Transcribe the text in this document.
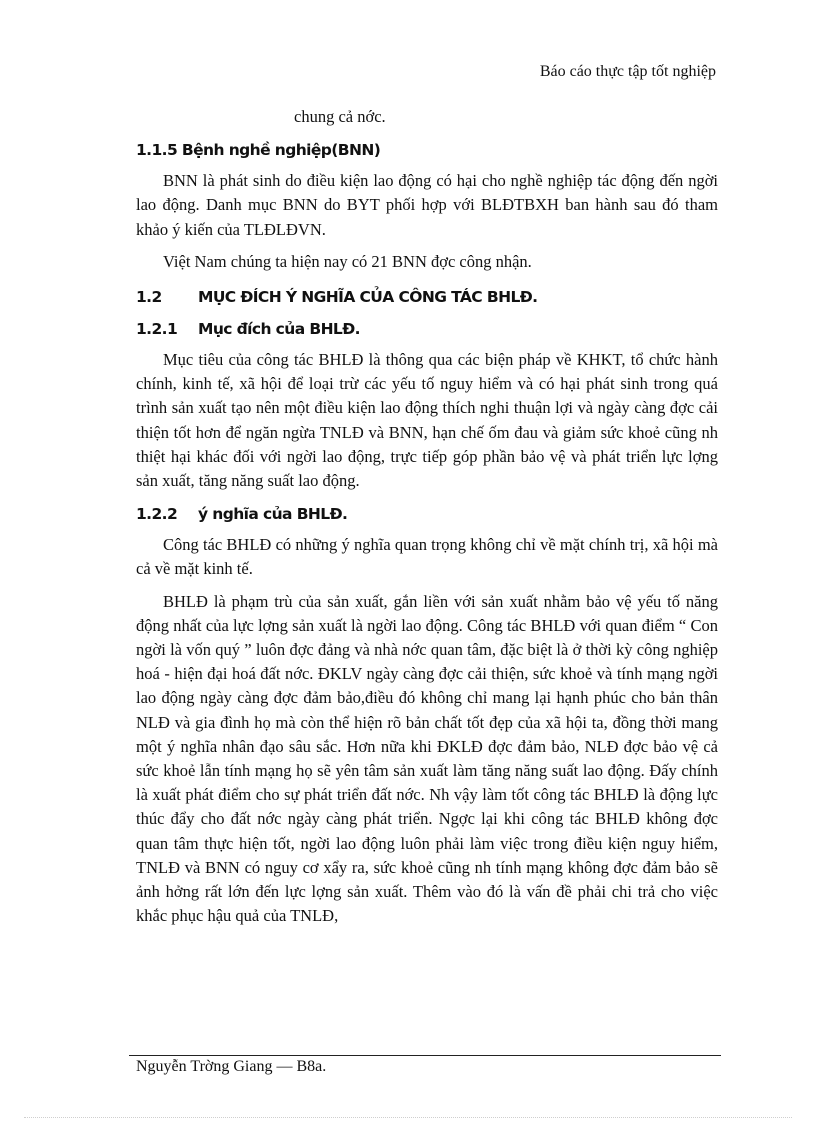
Báo cáo thực tập tốt nghiệp

chung cả nớc.

1.1.5 Bệnh nghề nghiệp(BNN)

BNN là phát sinh do điều kiện lao động có hại cho nghề nghiệp tác động đến ngời lao động. Danh mục BNN do BYT phối hợp với BLĐTBXH ban hành sau đó tham khảo ý kiến của TLĐLĐVN.

Việt Nam chúng ta hiện nay có 21 BNN đợc công nhận.

1.2 MỤC ĐÍCH Ý NGHĨA CỦA CÔNG TÁC BHLĐ.
1.2.1 Mục đích của BHLĐ.

Mục tiêu của công tác BHLĐ là thông qua các biện pháp về KHKT, tổ chức hành chính, kinh tế, xã hội để loại trừ các yếu tố nguy hiểm và có hại phát sinh trong quá trình sản xuất tạo nên một điều kiện lao động thích nghi thuận lợi và ngày càng đợc cải thiện tốt hơn để ngăn ngừa TNLĐ và BNN, hạn chế ốm đau và giảm sức khoẻ cũng nh thiệt hại khác đối với ngời lao động, trực tiếp góp phần bảo vệ và phát triển lực lợng sản xuất, tăng năng suất lao động.

1.2.2 ý nghĩa của BHLĐ.

Công tác BHLĐ có những ý nghĩa quan trọng không chỉ về mặt chính trị, xã hội mà cả về mặt kinh tế.

BHLĐ là phạm trù của sản xuất, gắn liền với sản xuất nhằm bảo vệ yếu tố năng động nhất của lực lợng sản xuất là ngời lao động. Công tác BHLĐ với quan điểm “ Con ngời là vốn quý ” luôn đợc đảng và nhà nớc quan tâm, đặc biệt là ở thời kỳ công nghiệp hoá - hiện đại hoá đất nớc. ĐKLV ngày càng đợc cải thiện, sức khoẻ và tính mạng ngời lao động ngày càng đợc đảm bảo,điều đó không chỉ mang lại hạnh phúc cho bản thân NLĐ và gia đình họ mà còn thể hiện rõ bản chất tốt đẹp của xã hội ta, đồng thời mang một ý nghĩa nhân đạo sâu sắc. Hơn nữa khi ĐKLĐ đợc đảm bảo, NLĐ đợc bảo vệ cả sức khoẻ lẫn tính mạng họ sẽ yên tâm sản xuất làm tăng năng suất lao động. Đấy chính là xuất phát điểm cho sự phát triển đất nớc. Nh vậy làm tốt công tác BHLĐ là động lực thúc đẩy cho đất nớc ngày càng phát triển. Ngợc lại khi công tác BHLĐ không đợc quan tâm thực hiện tốt, ngời lao động luôn phải làm việc trong điều kiện nguy hiểm, TNLĐ và BNN có nguy cơ xẩy ra, sức khoẻ cũng nh tính mạng không đợc đảm bảo sẽ ảnh hởng rất lớn đến lực lợng sản xuất. Thêm vào đó là vấn đề phải chi trả cho việc khắc phục hậu quả của TNLĐ,

Nguyễn Trờng Giang — B8a.
